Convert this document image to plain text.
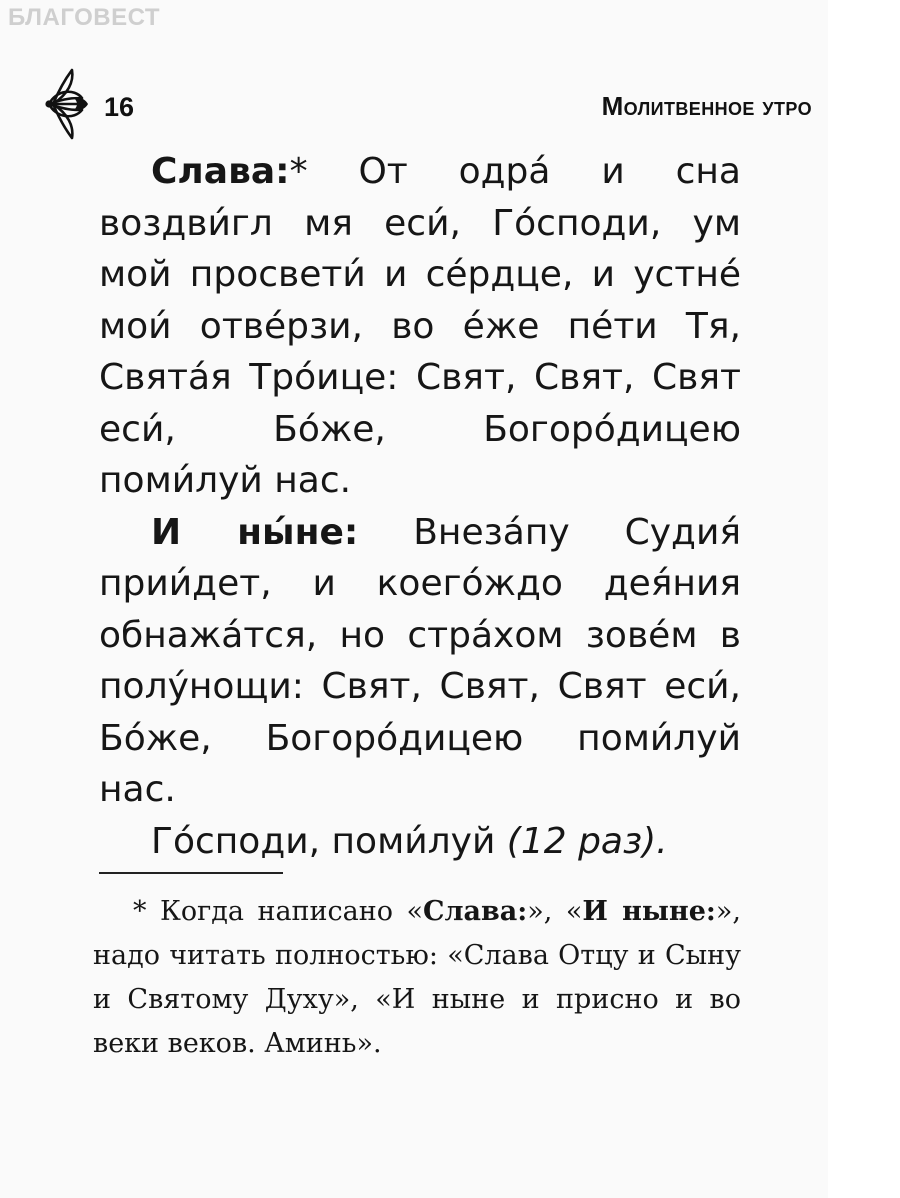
БЛАГОВЕСТ
16	Молитвенное утро

Слава:* От одра́ и сна воздви́гл мя еси́, Го́споди, ум мой просвети́ и се́рдце, и устне́ мои́ отве́рзи, во е́же пе́ти Тя, Свята́я Тро́ице: Свят, Свят, Свят еси́, Бо́же, Богоро́дицею поми́луй нас.

И ны́не: Внеза́пу Судия́ прии́дет, и коего́ждо дея́ния обнажа́тся, но стра́хом зове́м в полу́нощи: Свят, Свят, Свят еси́, Бо́же, Богоро́дицею поми́луй нас.

Го́споди, поми́луй (12 раз).

* Когда написано «Слава:», «И ныне:», надо читать полностью: «Слава Отцу и Сыну и Святому Духу», «И ныне и присно и во веки веков. Аминь».
